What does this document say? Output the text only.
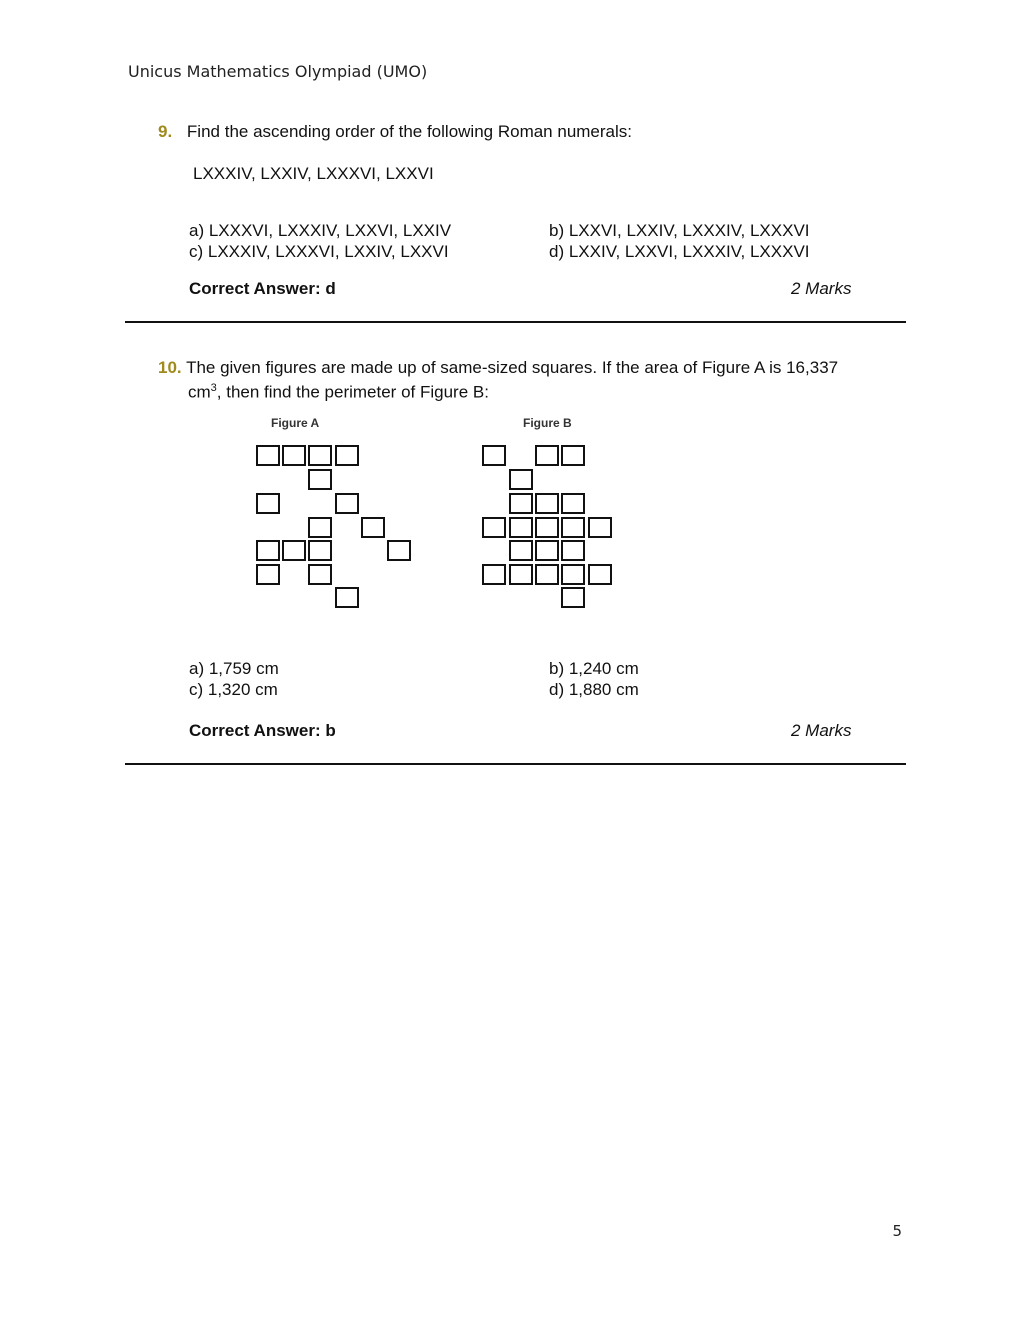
Unicus Mathematics Olympiad (UMO)
9. Find the ascending order of the following Roman numerals:
LXXXIV, LXXIV, LXXXVI, LXXVI
a) LXXXVI, LXXXIV, LXXVI, LXXIV	b) LXXVI, LXXIV, LXXXIV, LXXXVI
c) LXXXIV, LXXXVI, LXXIV, LXXVI	d) LXXIV, LXXVI, LXXXIV, LXXXVI
Correct Answer: d	2 Marks
10. The given figures are made up of same-sized squares. If the area of Figure A is 16,337
$cm^3$, then find the perimeter of Figure B:
Figure A	Figure B
a) 1,759 cm	b) 1,240 cm
c) 1,320 cm	d) 1,880 cm
Correct Answer: b	2 Marks
5
